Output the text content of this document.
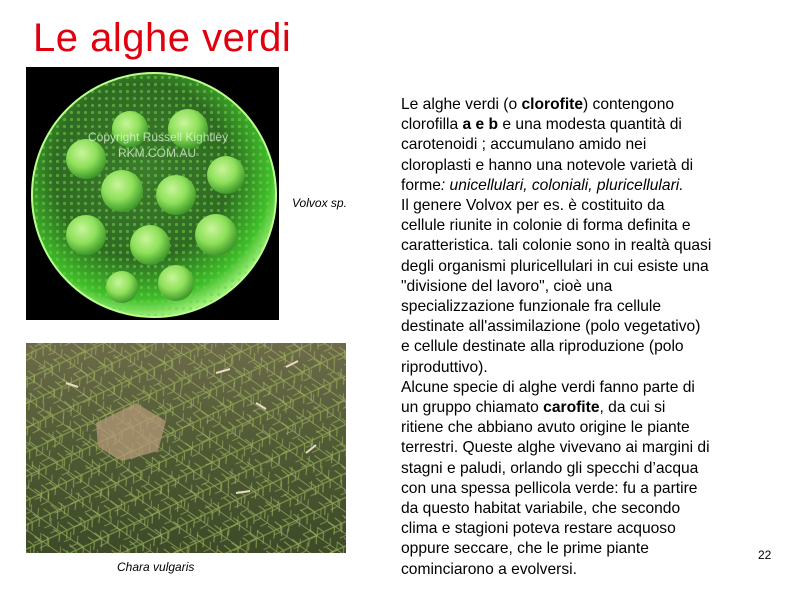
Le alghe verdi
Copyright Russell Kightley
RKM.COM.AU
Volvox sp.
Chara vulgaris
Le alghe verdi (o clorofite) contengono
clorofilla a e b e una modesta quantità di
carotenoidi ; accumulano amido nei
cloroplasti e hanno una notevole varietà di
forme: unicellulari, coloniali, pluricellulari.
Il genere Volvox per es. è costituito da
cellule riunite in colonie di forma definita e
caratteristica. tali colonie sono in realtà quasi
degli organismi pluricellulari in cui esiste una
"divisione del lavoro", cioè una
specializzazione funzionale fra cellule
destinate all'assimilazione (polo vegetativo)
e cellule destinate alla riproduzione (polo
riproduttivo).
Alcune specie di alghe verdi fanno parte di
un gruppo chiamato carofite, da cui si
ritiene che abbiano avuto origine le piante
terrestri. Queste alghe vivevano ai margini di
stagni e paludi, orlando gli specchi d’acqua
con una spessa pellicola verde: fu a partire
da questo habitat variabile, che secondo
clima e stagioni poteva restare acquoso
oppure seccare, che le prime piante
cominciarono a evolversi.
22
